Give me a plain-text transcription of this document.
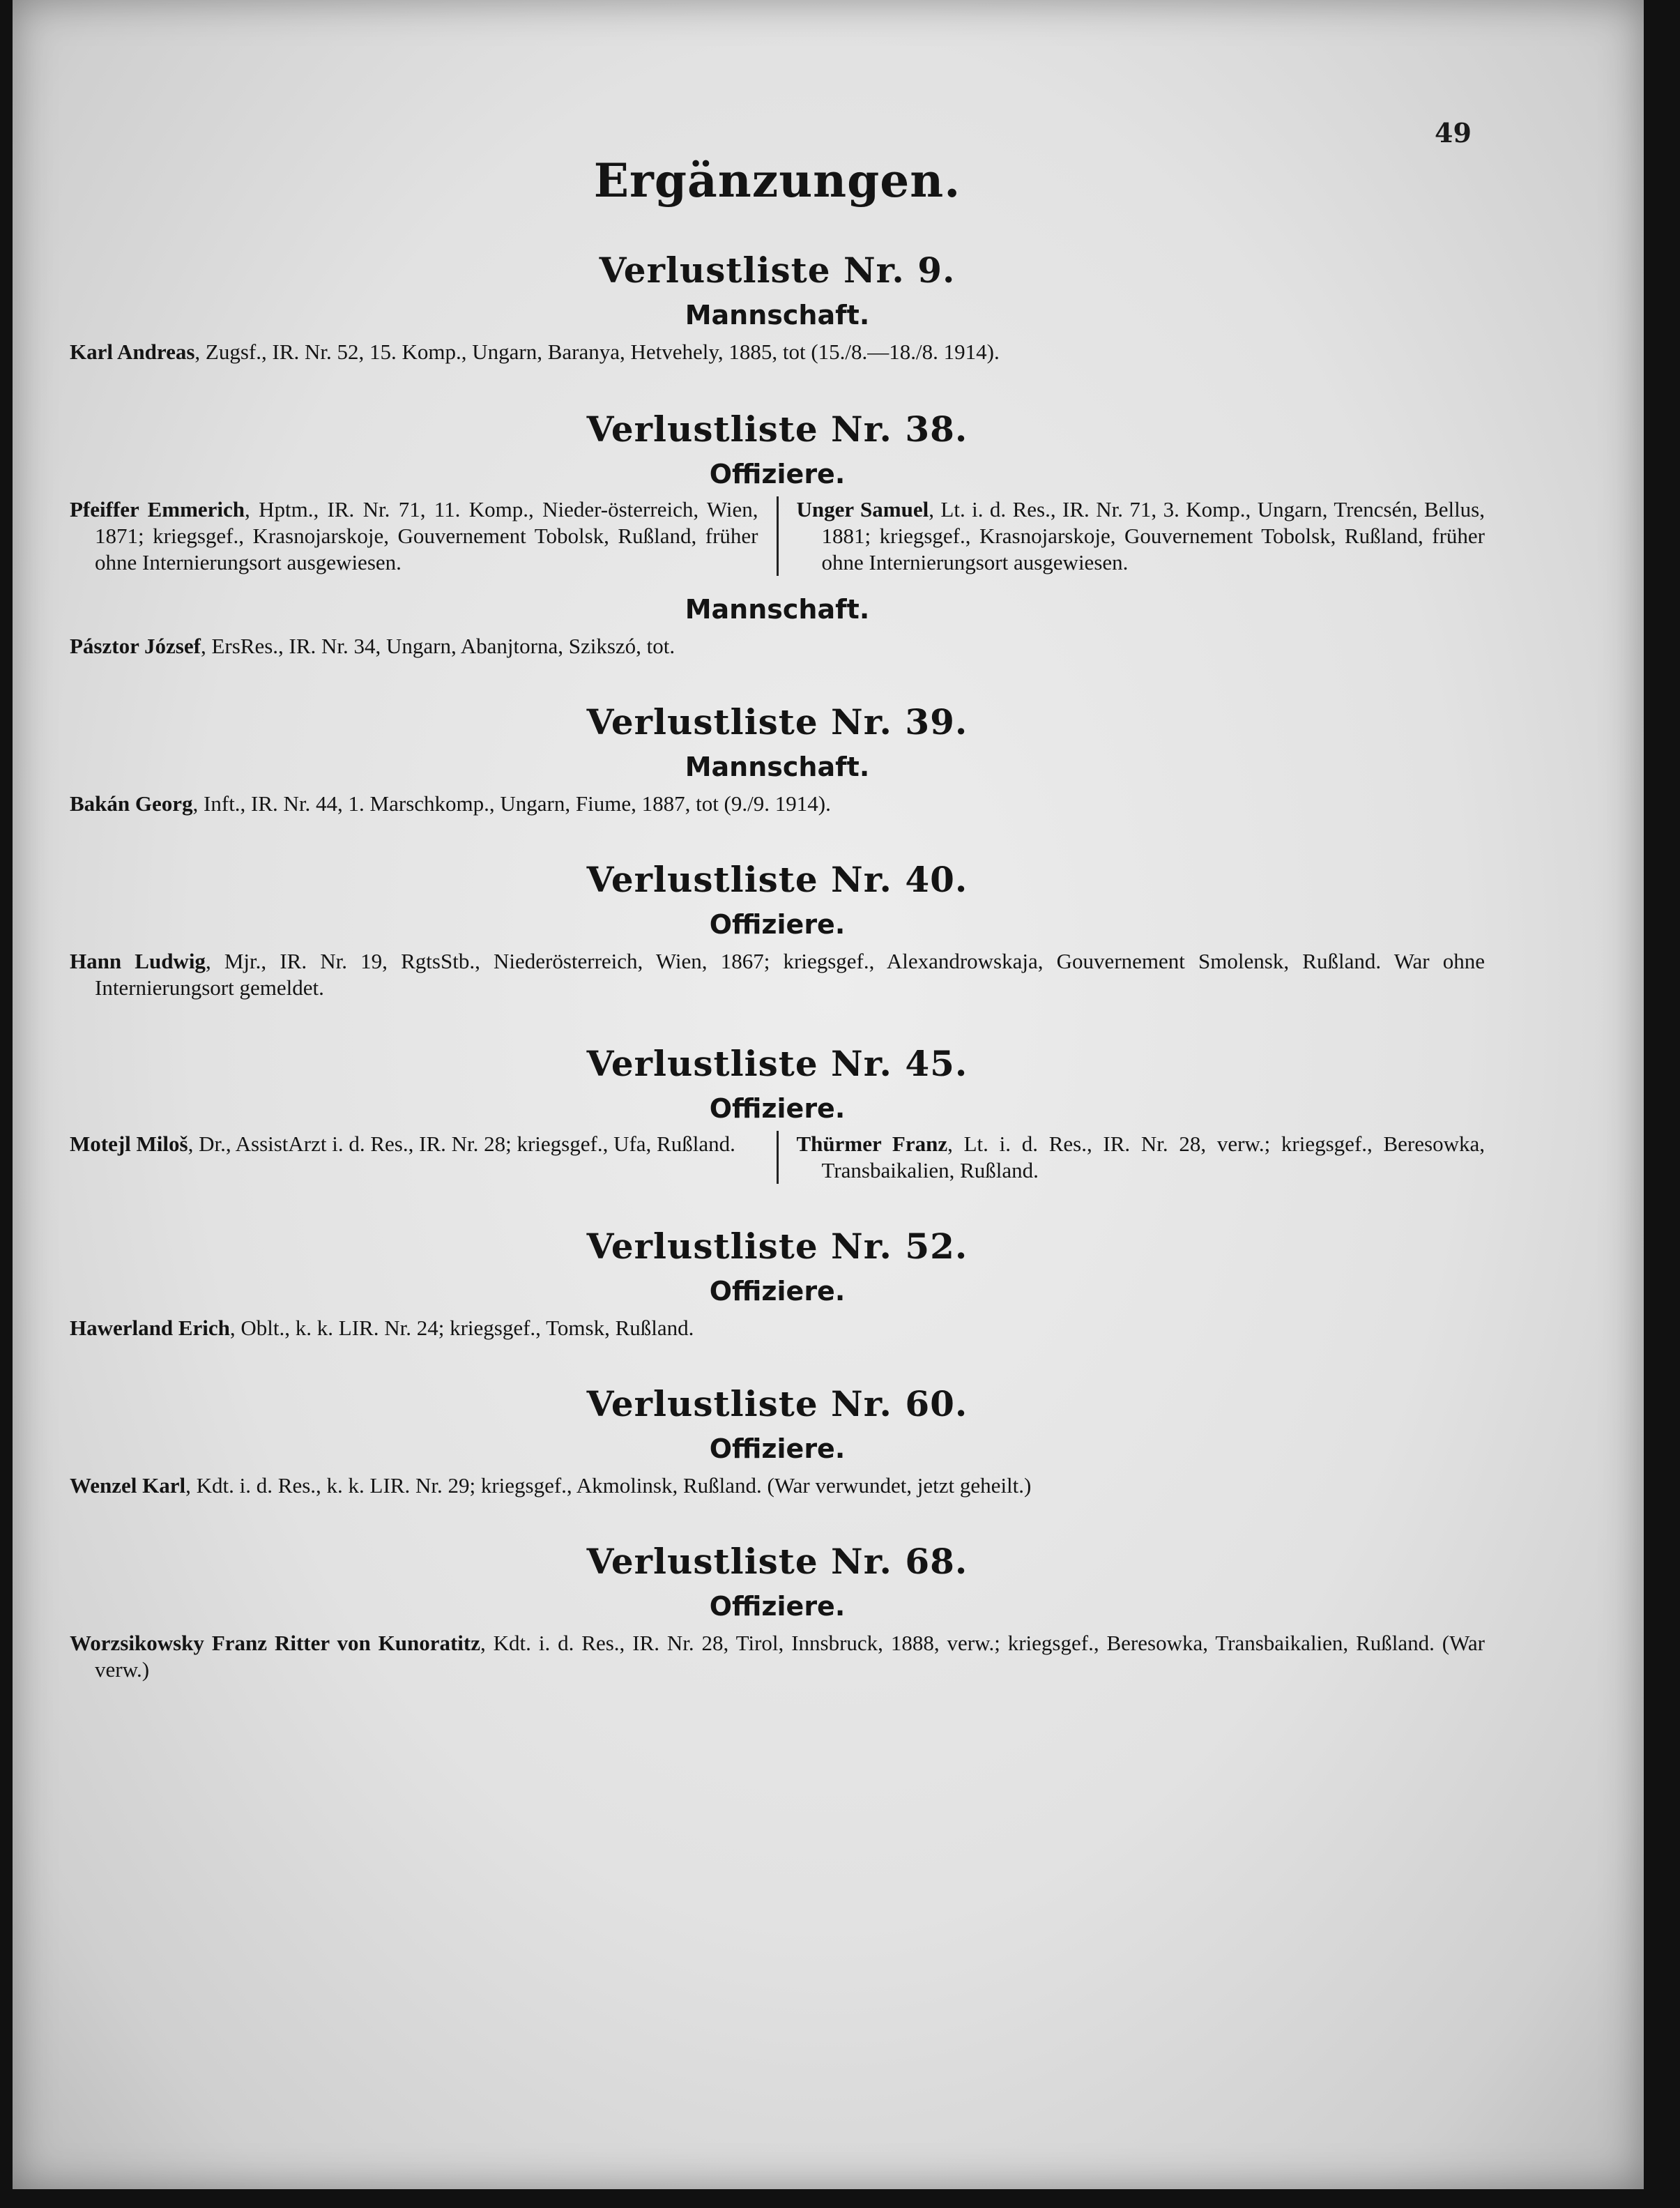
49
Ergänzungen.
Verlustliste Nr. 9.
Mannschaft.

Karl Andreas, Zugsf., IR. Nr. 52, 15. Komp., Ungarn, Baranya, Hetvehely, 1885, tot (15./8.—18./8. 1914).

Verlustliste Nr. 38.
Offiziere.

Pfeiffer Emmerich, Hptm., IR. Nr. 71, 11. Komp., Nieder-österreich, Wien, 1871; kriegsgef., Krasnojarskoje, Gouvernement Tobolsk, Rußland, früher ohne Internierungsort ausgewiesen.

Unger Samuel, Lt. i. d. Res., IR. Nr. 71, 3. Komp., Ungarn, Trencsén, Bellus, 1881; kriegsgef., Krasnojarskoje, Gouvernement Tobolsk, Rußland, früher ohne Internierungsort ausgewiesen.

Mannschaft.

Pásztor József, ErsRes., IR. Nr. 34, Ungarn, Abanjtorna, Szikszó, tot.

Verlustliste Nr. 39.
Mannschaft.

Bakán Georg, Inft., IR. Nr. 44, 1. Marschkomp., Ungarn, Fiume, 1887, tot (9./9. 1914).

Verlustliste Nr. 40.
Offiziere.

Hann Ludwig, Mjr., IR. Nr. 19, RgtsStb., Niederösterreich, Wien, 1867; kriegsgef., Alexandrowskaja, Gouvernement Smolensk, Rußland. War ohne Internierungsort gemeldet.

Verlustliste Nr. 45.
Offiziere.

Motejl Miloš, Dr., AssistArzt i. d. Res., IR. Nr. 28; kriegsgef., Ufa, Rußland.	Thürmer Franz, Lt. i. d. Res., IR. Nr. 28, verw.; kriegsgef., Beresowka, Transbaikalien, Rußland.

Verlustliste Nr. 52.
Offiziere.

Hawerland Erich, Oblt., k. k. LIR. Nr. 24; kriegsgef., Tomsk, Rußland.

Verlustliste Nr. 60.
Offiziere.

Wenzel Karl, Kdt. i. d. Res., k. k. LIR. Nr. 29; kriegsgef., Akmolinsk, Rußland. (War verwundet, jetzt geheilt.)

Verlustliste Nr. 68.
Offiziere.

Worzsikowsky Franz Ritter von Kunoratitz, Kdt. i. d. Res., IR. Nr. 28, Tirol, Innsbruck, 1888, verw.; kriegsgef., Beresowka, Transbaikalien, Rußland. (War verw.)
